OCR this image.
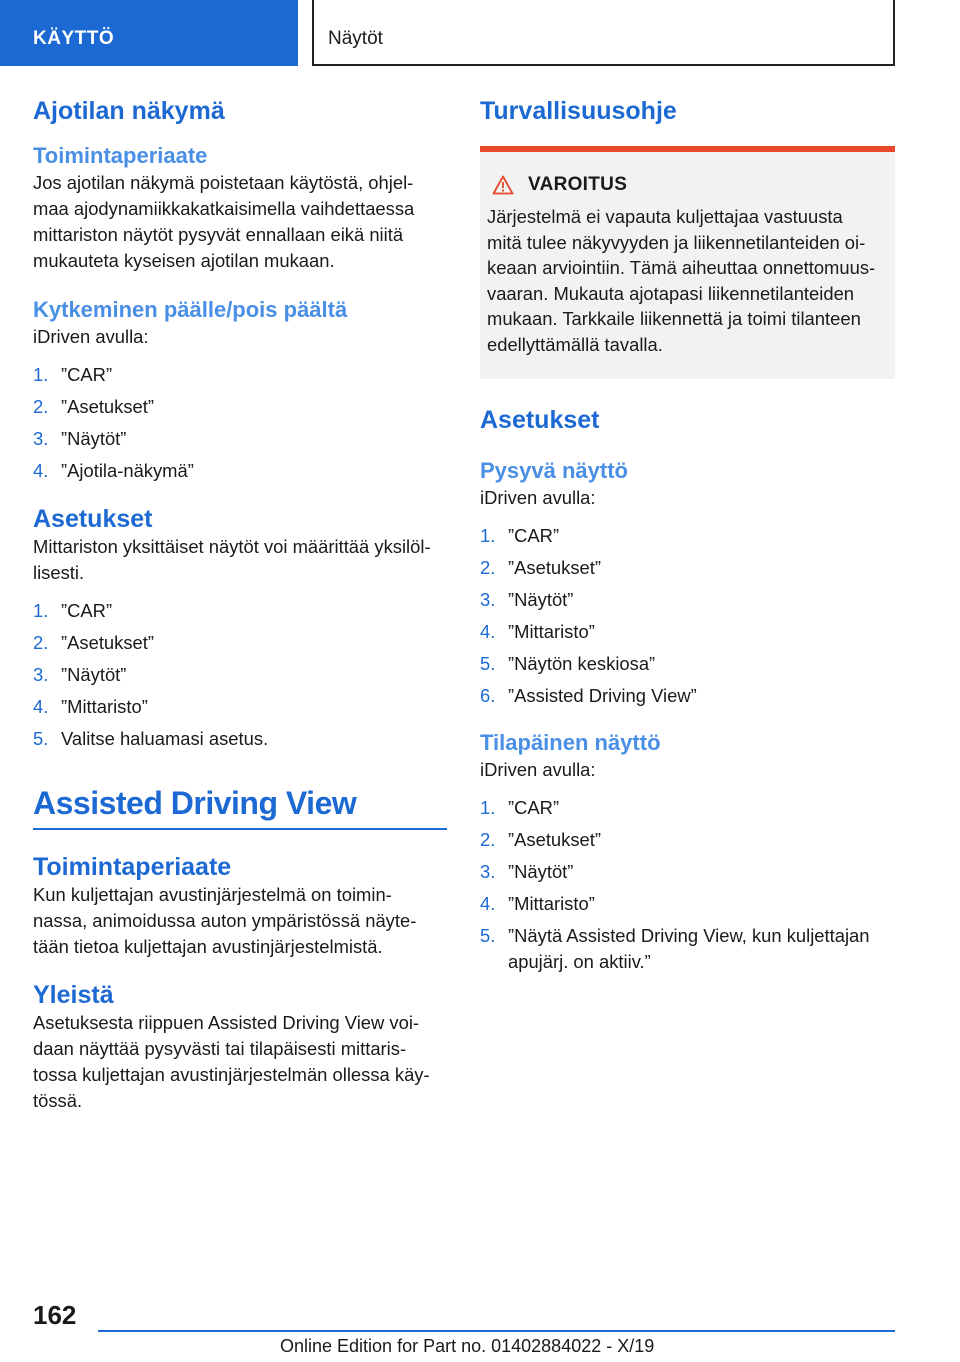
KÄYTTÖ	Näytöt
Ajotilan näkymä
Toimintaperiaate

Jos ajotilan näkymä poistetaan käytöstä, ohjel-
maa ajodynamiikkakatkaisimella vaihdettaessa
mittariston näytöt pysyvät ennallaan eikä niitä
mukauteta kyseisen ajotilan mukaan.

Kytkeminen päälle/pois päältä

iDriven avulla:

1. ”CAR”
2. ”Asetukset”
3. ”Näytöt”
4. ”Ajotila-näkymä”
Asetukset

Mittariston yksittäiset näytöt voi määrittää yksilöl-
lisesti.

1. ”CAR”
2. ”Asetukset”
3. ”Näytöt”
4. ”Mittaristo”
5. Valitse haluamasi asetus.
Assisted Driving View
Toimintaperiaate

Kun kuljettajan avustinjärjestelmä on toimin-
nassa, animoidussa auton ympäristössä näyte-
tään tietoa kuljettajan avustinjärjestelmistä.

Yleistä

Asetuksesta riippuen Assisted Driving View voi-
daan näyttää pysyvästi tai tilapäisesti mittaris-
tossa kuljettajan avustinjärjestelmän ollessa käy-
tössä.

Turvallisuusohje
VAROITUS

Järjestelmä ei vapauta kuljettajaa vastuusta
mitä tulee näkyvyyden ja liikennetilanteiden oi-
keaan arviointiin. Tämä aiheuttaa onnettomuus-
vaaran. Mukauta ajotapasi liikennetilanteiden
mukaan. Tarkkaile liikennettä ja toimi tilanteen
edellyttämällä tavalla.

Asetukset
Pysyvä näyttö

iDriven avulla:

1. ”CAR”
2. ”Asetukset”
3. ”Näytöt”
4. ”Mittaristo”
5. ”Näytön keskiosa”
6. ”Assisted Driving View”
Tilapäinen näyttö

iDriven avulla:

1. ”CAR”
2. ”Asetukset”
3. ”Näytöt”
4. ”Mittaristo”
5. ”Näytä Assisted Driving View, kun kuljettajan apujärj. on aktiiv.”
162
Online Edition for Part no. 01402884022 - X/19
